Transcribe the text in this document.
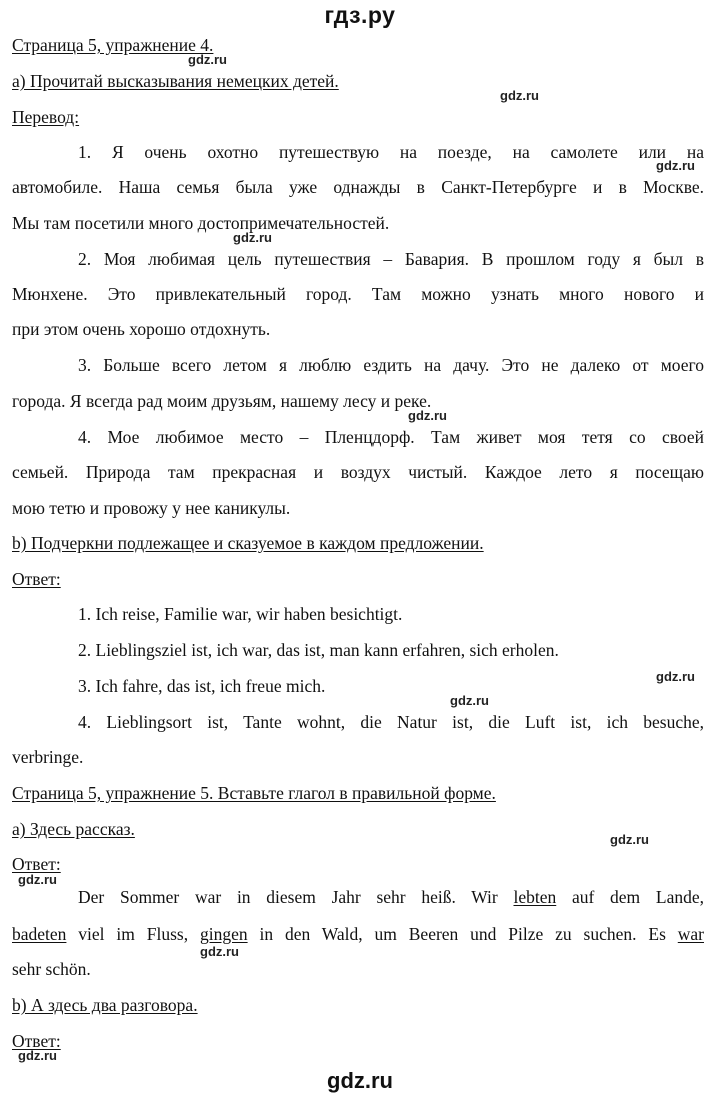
гдз.ру
Страница 5, упражнение 4.
а) Прочитай высказывания немецких детей.
Перевод:
1. Я очень охотно путешествую на поезде, на самолете или на
автомобиле. Наша семья была уже однажды в Санкт-Петербурге и в Москве.
Мы там посетили много достопримечательностей.
2. Моя любимая цель путешествия – Бавария. В прошлом году я был в
Мюнхене. Это привлекательный город. Там можно узнать много нового и
при этом очень хорошо отдохнуть.
3. Больше всего летом я люблю ездить на дачу. Это не далеко от моего
города. Я всегда рад моим друзьям, нашему лесу и реке.
4. Мое любимое место – Пленцдорф. Там живет моя тетя со своей
семьей. Природа там прекрасная и воздух чистый. Каждое лето я посещаю
мою тетю и провожу у нее каникулы.
b) Подчеркни подлежащее и сказуемое в каждом предложении.
Ответ:
1. Ich reise, Familie war, wir haben besichtigt.
2. Lieblingsziel ist, ich war, das ist, man kann erfahren, sich erholen.
3. Ich fahre, das ist, ich freue mich.
4. Lieblingsort ist, Tante wohnt, die Natur ist, die Luft ist, ich besuche,
verbringe.
Страница 5, упражнение 5. Вставьте глагол в правильной форме.
а) Здесь рассказ.
Ответ:
Der Sommer war in diesem Jahr sehr heiß. Wir lebten auf dem Lande,
badeten viel im Fluss, gingen in den Wald, um Beeren und Pilze zu suchen. Es war
sehr schön.
b) А здесь два разговора.
Ответ:
gdz.ru
gdz.ru
gdz.ru
gdz.ru
gdz.ru
gdz.ru
gdz.ru
gdz.ru
gdz.ru
gdz.ru
gdz.ru
gdz.ru
